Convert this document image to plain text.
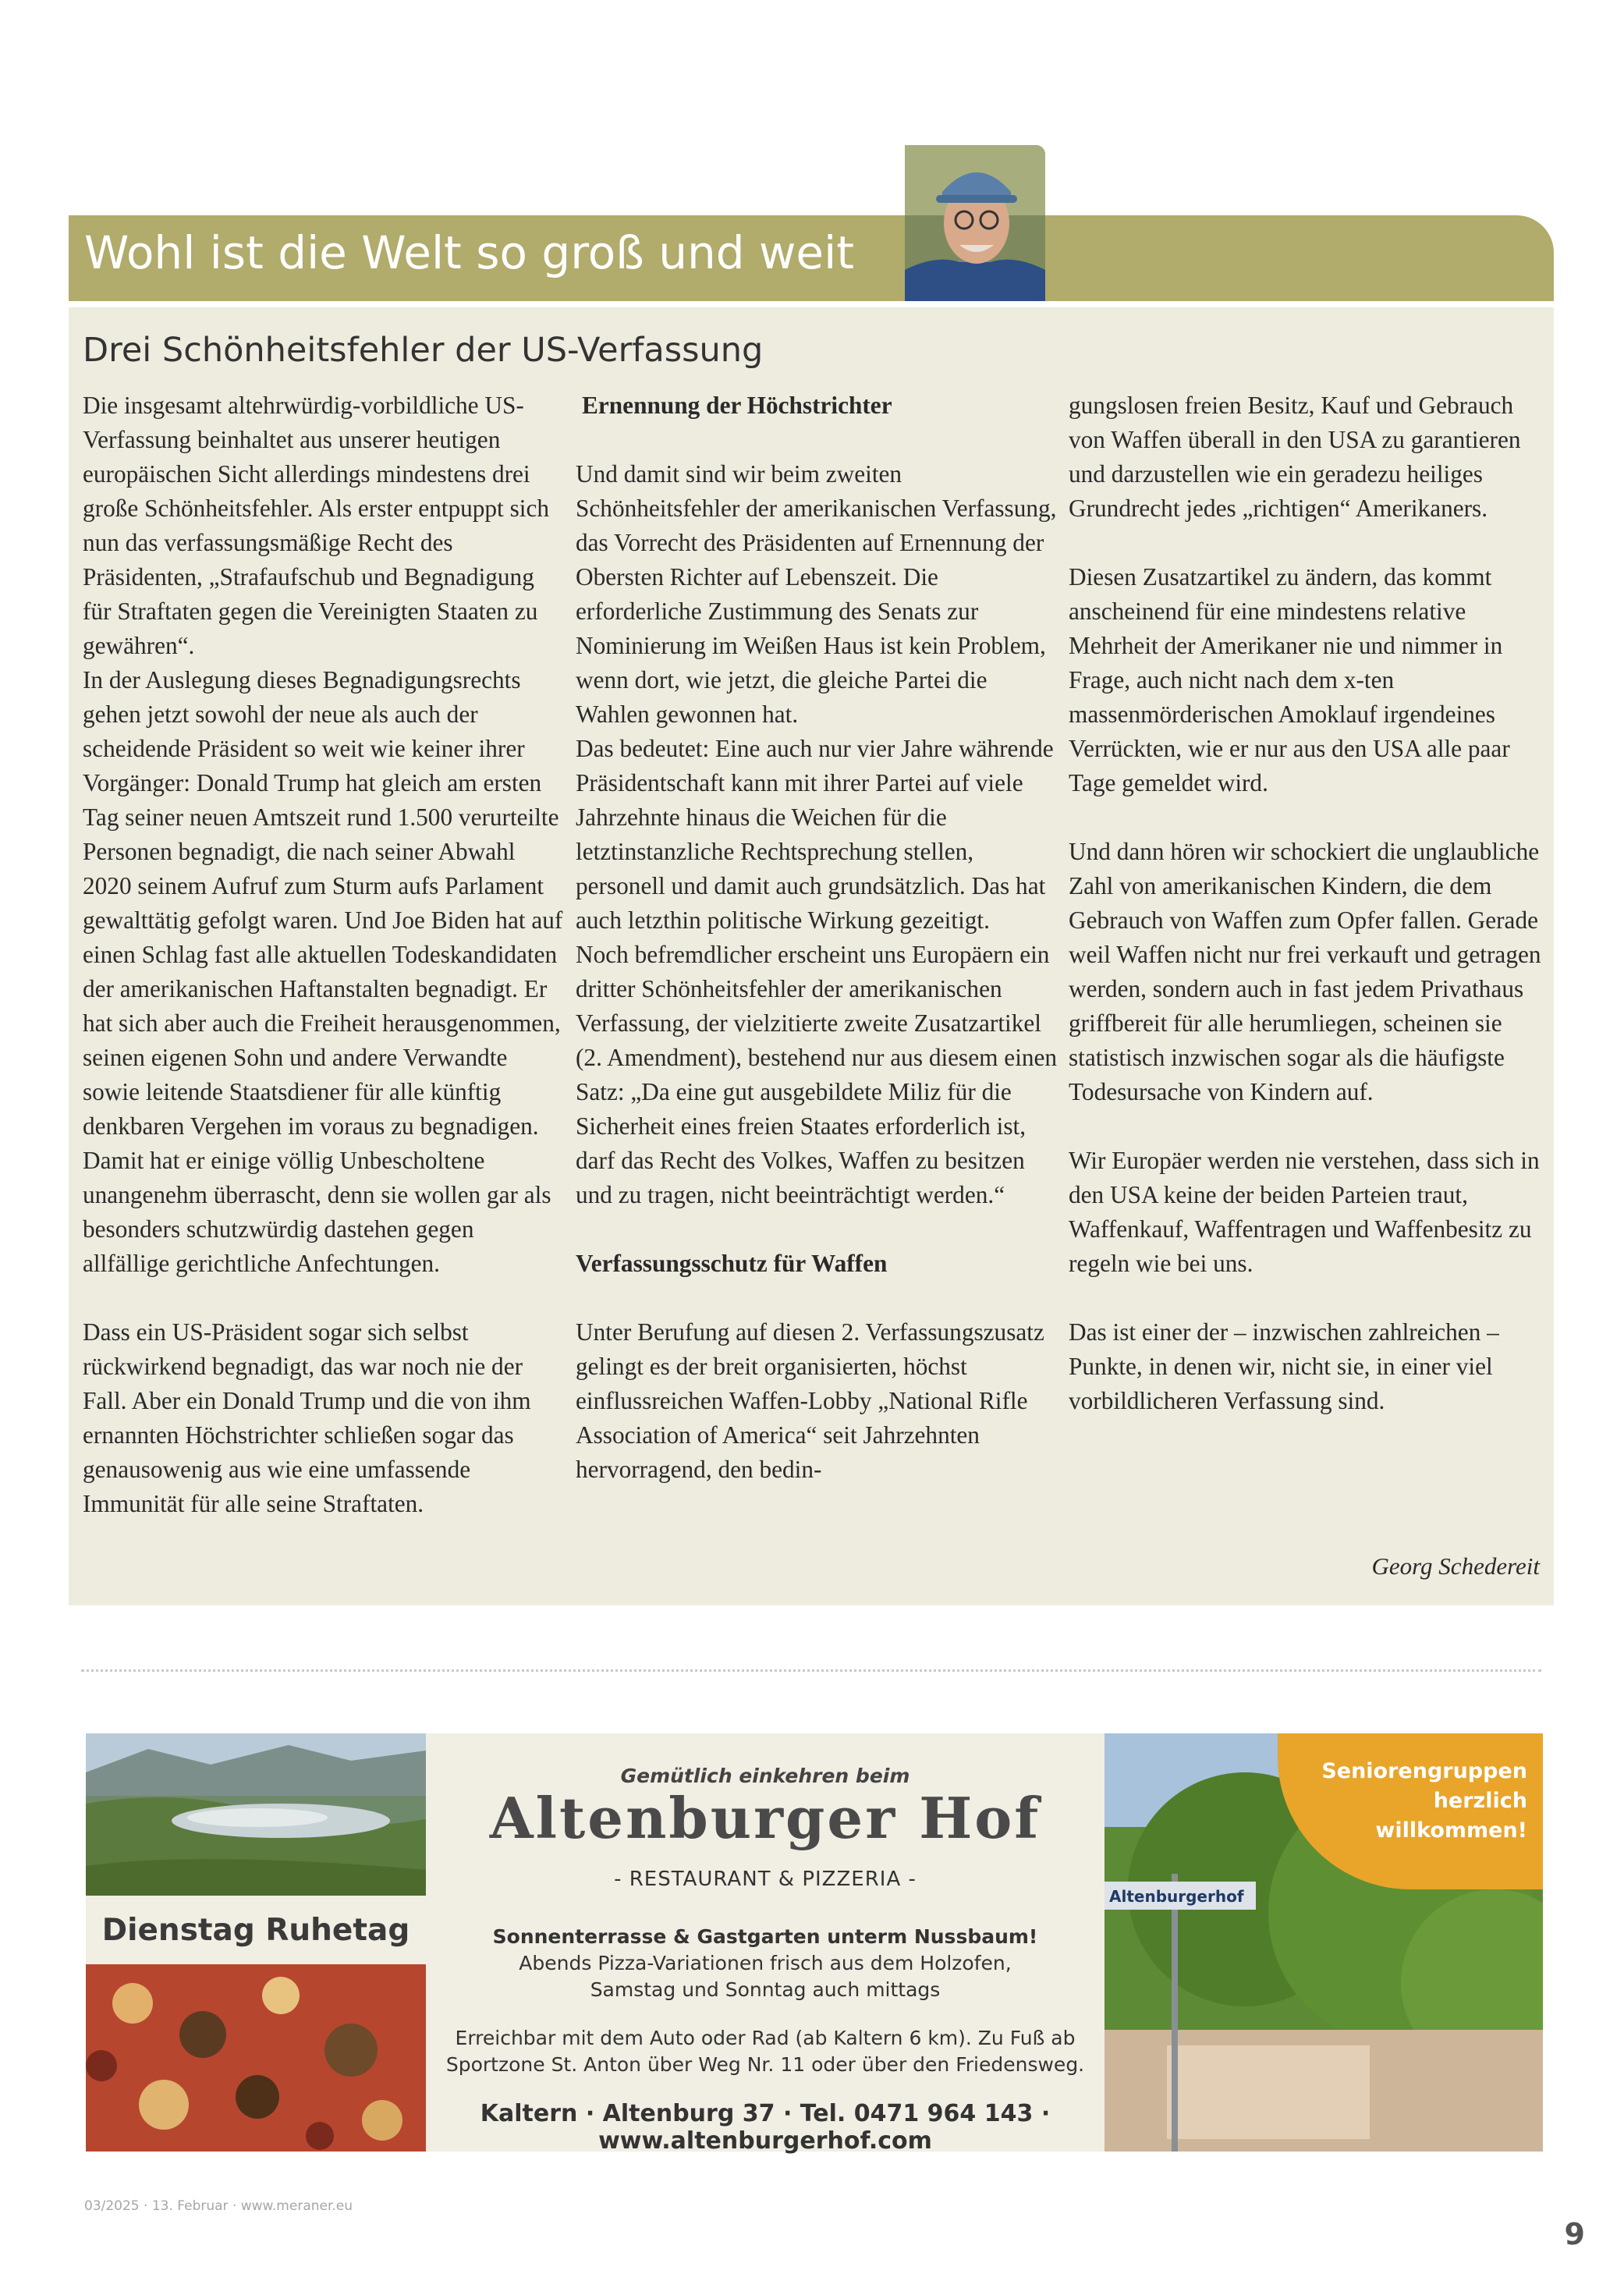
Wohl ist die Welt so groß und weit
Drei Schönheitsfehler der US-Verfassung

Die insgesamt altehrwürdig-vorbildliche US-Verfassung beinhaltet aus unserer heutigen europäischen Sicht allerdings mindestens drei große Schönheitsfehler. Als erster entpuppt sich nun das verfassungsmäßige Recht des Präsidenten, „Strafaufschub und Begnadigung für Straftaten gegen die Vereinigten Staaten zu gewähren“.

In der Auslegung dieses Begnadigungsrechts gehen jetzt sowohl der neue als auch der scheidende Präsident so weit wie keiner ihrer Vorgänger: Donald Trump hat gleich am ersten Tag seiner neuen Amtszeit rund 1.500 verurteilte Personen begnadigt, die nach seiner Abwahl 2020 seinem Aufruf zum Sturm aufs Parlament gewalttätig gefolgt waren. Und Joe Biden hat auf einen Schlag fast alle aktuellen Todeskandidaten der amerikanischen Haftanstalten begnadigt. Er hat sich aber auch die Freiheit herausgenommen, seinen eigenen Sohn und andere Verwandte sowie leitende Staatsdiener für alle künftig denkbaren Vergehen im voraus zu begnadigen. Damit hat er einige völlig Unbescholtene unangenehm überrascht, denn sie wollen gar als besonders schutzwürdig dastehen gegen allfällige gerichtliche Anfechtungen.

Dass ein US-Präsident sogar sich selbst rückwirkend begnadigt, das war noch nie der Fall. Aber ein Donald Trump und die von ihm ernannten Höchstrichter schließen sogar das genausowenig aus wie eine umfassende Immunität für alle seine Straftaten.

Ernennung der Höchstrichter

Und damit sind wir beim zweiten Schönheitsfehler der amerikanischen Verfassung, das Vorrecht des Präsidenten auf Ernennung der Obersten Richter auf Lebenszeit. Die erforderliche Zustimmung des Senats zur Nominierung im Weißen Haus ist kein Problem, wenn dort, wie jetzt, die gleiche Partei die Wahlen gewonnen hat.

Das bedeutet: Eine auch nur vier Jahre währende Präsidentschaft kann mit ihrer Partei auf viele Jahrzehnte hinaus die Weichen für die letztinstanzliche Rechtsprechung stellen, personell und damit auch grundsätzlich. Das hat auch letzthin politische Wirkung gezeitigt.

Noch befremdlicher erscheint uns Europäern ein dritter Schönheitsfehler der amerikanischen Verfassung, der vielzitierte zweite Zusatzartikel (2. Amendment), bestehend nur aus diesem einen Satz: „Da eine gut ausgebildete Miliz für die Sicherheit eines freien Staates erforderlich ist, darf das Recht des Volkes, Waffen zu besitzen und zu tragen, nicht beeinträchtigt werden.“

Verfassungsschutz für Waffen

Unter Berufung auf diesen 2. Verfassungszusatz gelingt es der breit organisierten, höchst einflussreichen Waffen-Lobby „National Rifle Association of America“ seit Jahrzehnten hervorragend, den bedin-

gungslosen freien Besitz, Kauf und Gebrauch von Waffen überall in den USA zu garantieren und darzustellen wie ein geradezu heiliges Grundrecht jedes „richtigen“ Amerikaners.

Diesen Zusatzartikel zu ändern, das kommt anscheinend für eine mindestens relative Mehrheit der Amerikaner nie und nimmer in Frage, auch nicht nach dem x-ten massenmörderischen Amoklauf irgendeines Verrückten, wie er nur aus den USA alle paar Tage gemeldet wird.

Und dann hören wir schockiert die unglaubliche Zahl von amerikanischen Kindern, die dem Gebrauch von Waffen zum Opfer fallen. Gerade weil Waffen nicht nur frei verkauft und getragen werden, sondern auch in fast jedem Privathaus griffbereit für alle herumliegen, scheinen sie statistisch inzwischen sogar als die häufigste Todesursache von Kindern auf.

Wir Europäer werden nie verstehen, dass sich in den USA keine der beiden Parteien traut, Waffenkauf, Waffentragen und Waffenbesitz zu regeln wie bei uns.

Das ist einer der – inzwischen zahlreichen – Punkte, in denen wir, nicht sie, in einer viel vorbildlicheren Verfassung sind.

Georg Schedereit
Dienstag Ruhetag
Gemütlich einkehren beim
Altenburger Hof
- RESTAURANT & PIZZERIA -
Sonnenterrasse & Gastgarten unterm Nussbaum!
Abends Pizza-Variationen frisch aus dem Holzofen,
Samstag und Sonntag auch mittags
Erreichbar mit dem Auto oder Rad (ab Kaltern 6 km). Zu Fuß ab
Sportzone St. Anton über Weg Nr. 11 oder über den Friedensweg.
Kaltern · Altenburg 37 · Tel. 0471 964 143 · www.altenburgerhof.com
Altenburgerhof
Seniorengruppen herzlich willkommen!
03/2025 · 13. Februar · www.meraner.eu
9
